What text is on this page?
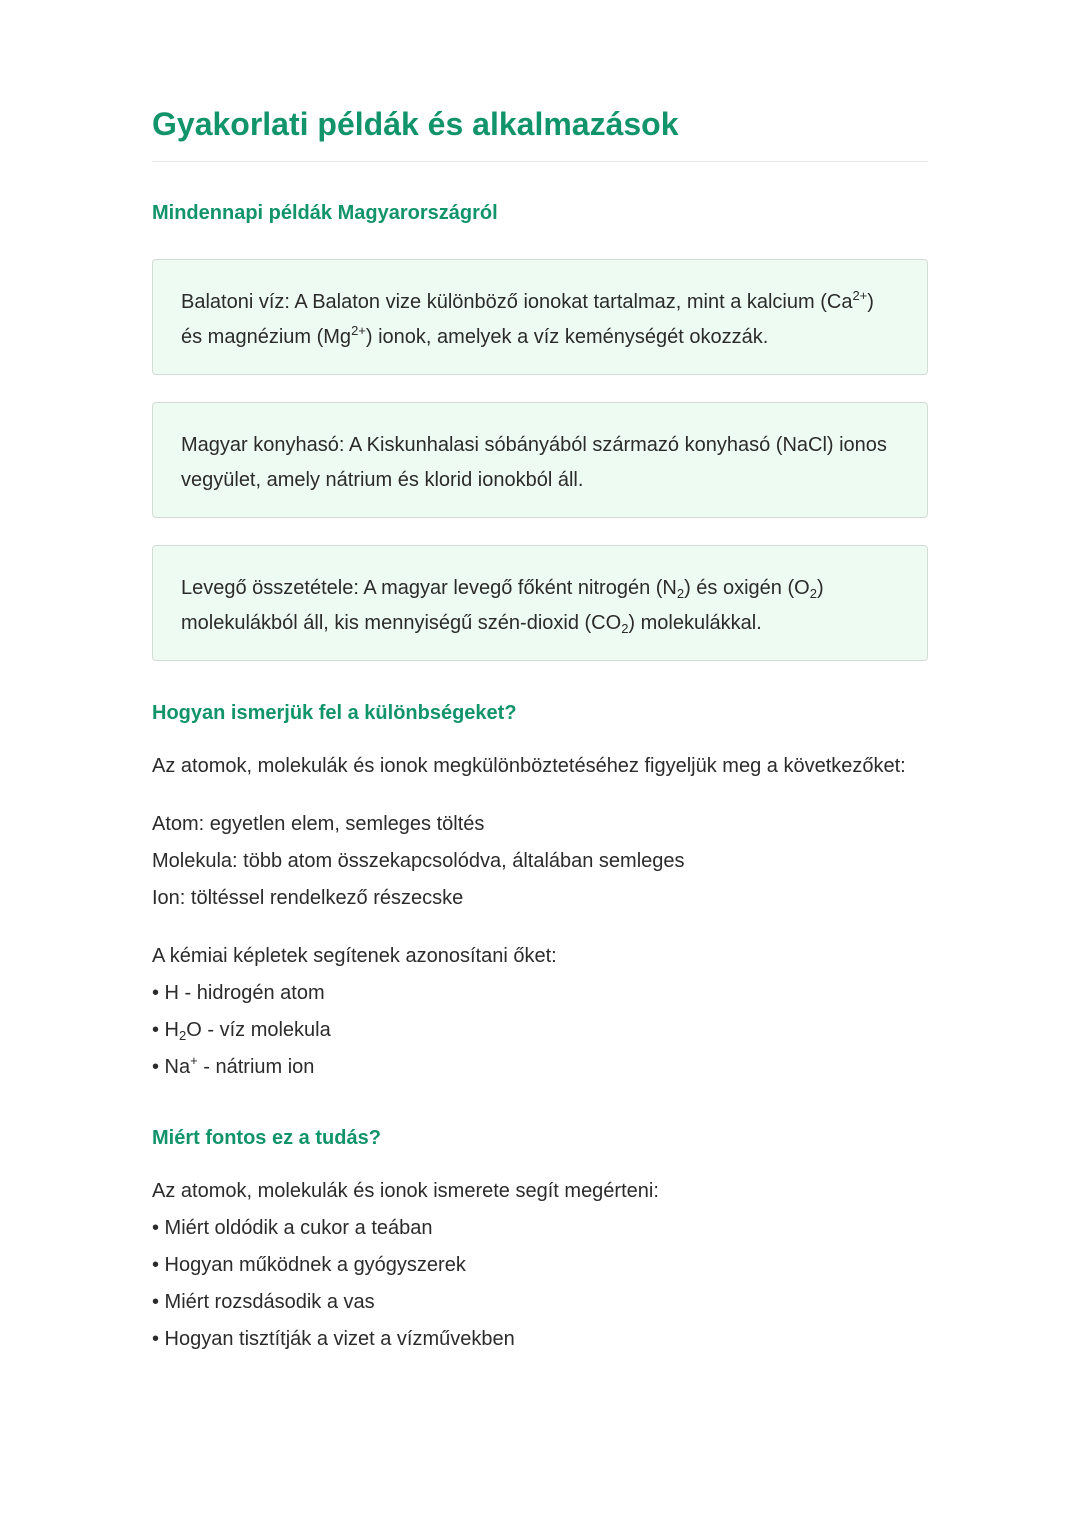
Gyakorlati példák és alkalmazások
Mindennapi példák Magyarországról
Balatoni víz: A Balaton vize különböző ionokat tartalmaz, mint a kalcium $(Ca^{2+})$
és magnézium $(Mg^{2+})$ ionok, amelyek a víz keménységét okozzák.
Magyar konyhasó: A Kiskunhalasi sóbányából származó konyhasó (NaCl) ionos
vegyület, amely nátrium és klorid ionokból áll.
Levegő összetétele: A magyar levegő főként nitrogén $(N_2)$ és oxigén $(O_2)$
molekulákból áll, kis mennyiségű szén-dioxid $(CO_2)$ molekulákkal.
Hogyan ismerjük fel a különbségeket?

Az atomok, molekulák és ionok megkülönböztetéséhez figyeljük meg a következőket:

Atom: egyetlen elem, semleges töltés
Molekula: több atom összekapcsolódva, általában semleges
Ion: töltéssel rendelkező részecske
A kémiai képletek segítenek azonosítani őket:
• H - hidrogén atom
• $H_2O$ - víz molekula
• Na+ - nátrium ion
Miért fontos ez a tudás?
Az atomok, molekulák és ionok ismerete segít megérteni:
• Miért oldódik a cukor a teában
• Hogyan működnek a gyógyszerek
• Miért rozsdásodik a vas
• Hogyan tisztítják a vizet a vízművekben
